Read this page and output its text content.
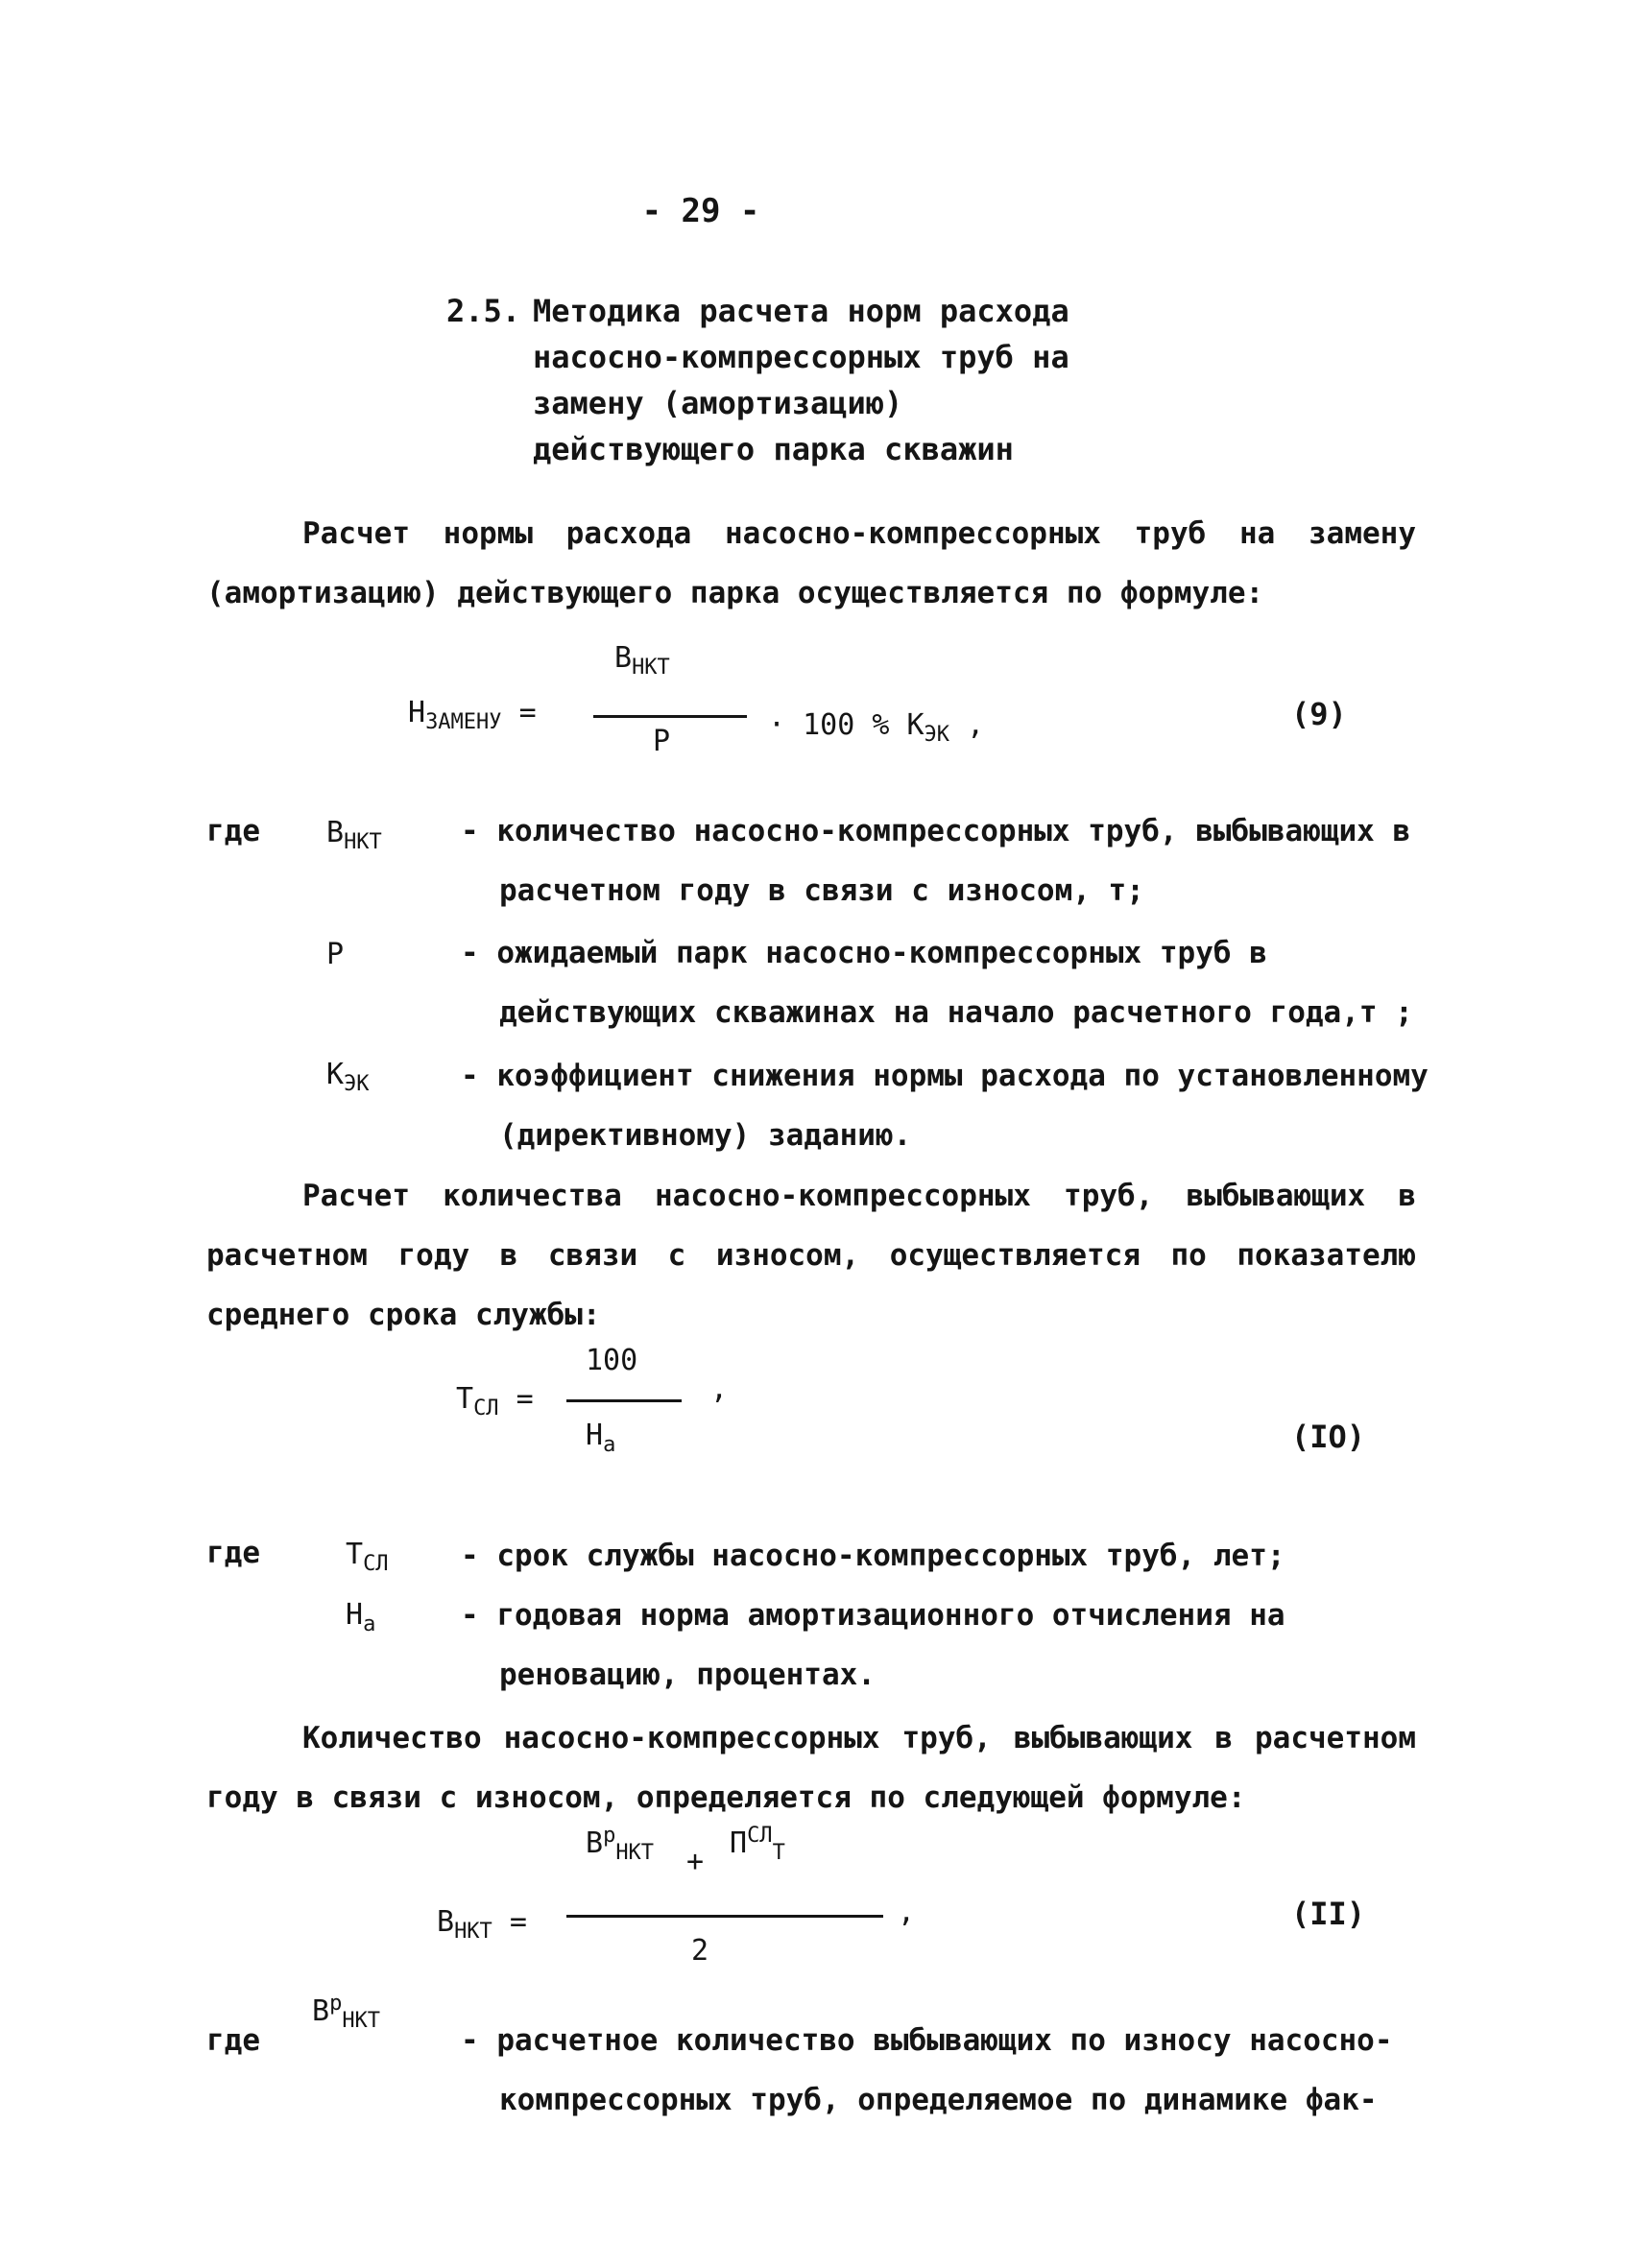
- 29 -
2.5. Методика расчета норм расхода насосно-компрессорных труб на замену (амортизацию) действующего парка скважин
Расчет нормы расхода насосно-компрессорных труб на замену (амортизацию) действующего парка осуществляется по формуле:
$Н_{ЗАМЕНУ}$ =
$В_{НКТ}$
Р	· 100 % $К_{ЭК}$ ,	(9)
где $В_{НКТ}$	- количество насосно-компрессорных труб, выбывающих в расчетном году в связи с износом, т;
Р	- ожидаемый парк насосно-компрессорных труб в действующих скважинах на начало расчетного года,т ;
$К_{ЭК}$	- коэффициент снижения нормы расхода по установленному (директивному) заданию.
Расчет количества насосно-компрессорных труб, выбывающих в расчетном году в связи с износом, осуществляется по показателю среднего срока службы:
$Т_{СЛ}$ =
100
$Н_а$
,
(IO)
где	$Т_{СЛ}$ - срок службы насосно-компрессорных труб, лет;
$Н_а$	- годовая норма амортизационного отчисления на реновацию, процентах.
Количество насосно-компрессорных труб, выбывающих в расчетном году в связи с износом, определяется по следующей формуле:
$В_{НКТ}$ =
$В^р_{НКТ}$ +
$П^{СЛ}_Т$
2
,	(II)
где
$В^р_{НКТ}$
- расчетное количество выбывающих по износу насосно-компрессорных труб, определяемое по динамике фак-
